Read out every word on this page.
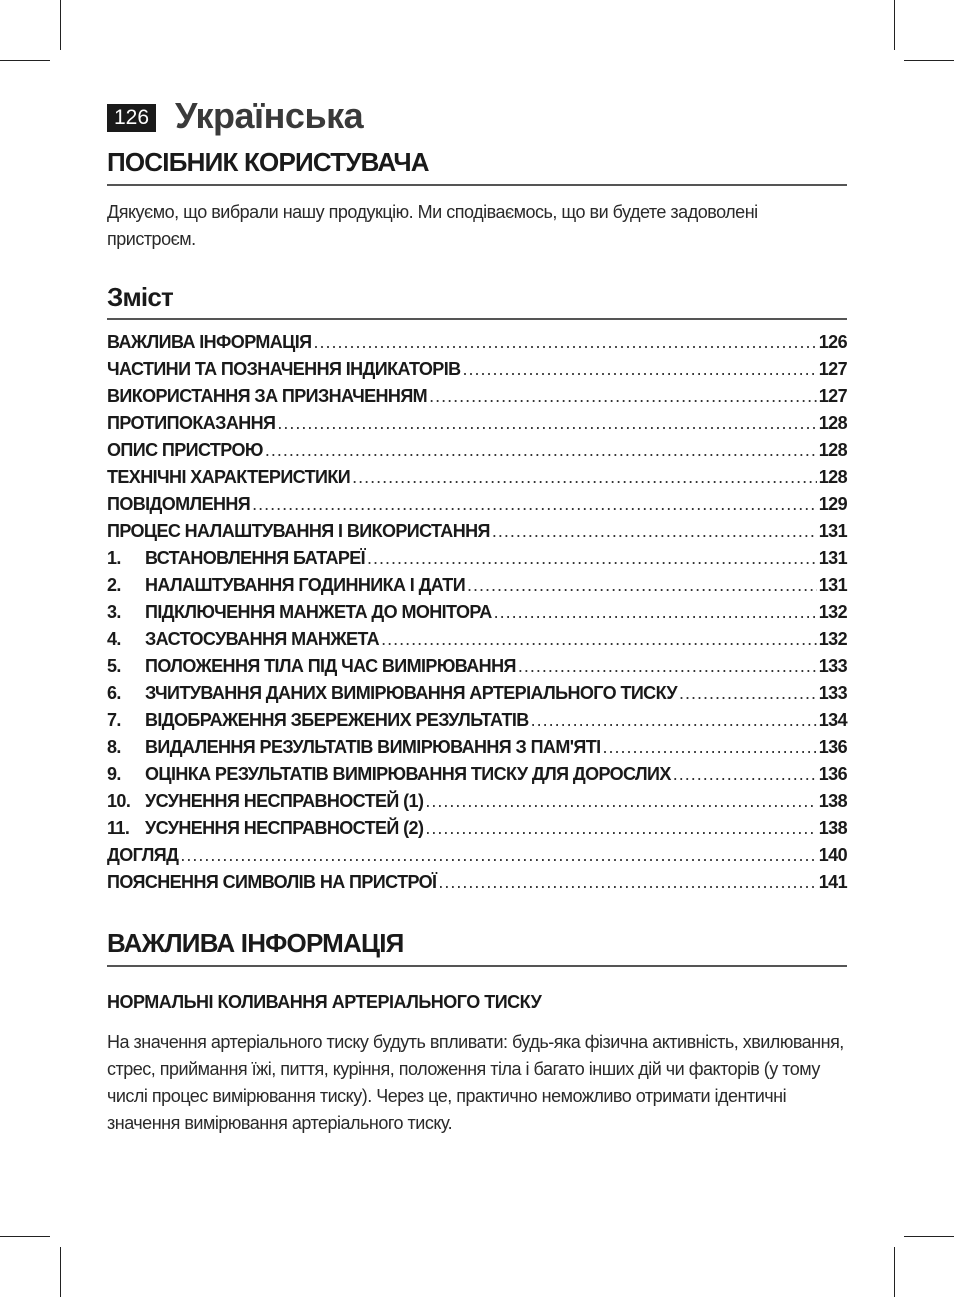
126 Українська
ПОСІБНИК КОРИСТУВАЧА

Дякуємо, що вибрали нашу продукцію. Ми сподіваємось, що ви будете задоволені пристроєм.

Зміст
ВАЖЛИВА ІНФОРМАЦІЯ .....	126
ЧАСТИНИ ТА ПОЗНАЧЕННЯ ІНДИКАТОРІВ .....	127
ВИКОРИСТАННЯ ЗА ПРИЗНАЧЕННЯМ .....	127
ПРОТИПОКАЗАННЯ .....	128
ОПИС ПРИСТРОЮ .....	128
ТЕХНІЧНІ ХАРАКТЕРИСТИКИ .....	128
ПОВІДОМЛЕННЯ .....	129
ПРОЦЕС НАЛАШТУВАННЯ І ВИКОРИСТАННЯ .....	131
1.	ВСТАНОВЛЕННЯ БАТАРЕЇ .....	131
2.	НАЛАШТУВАННЯ ГОДИННИКА І ДАТИ .....	131
3.	ПІДКЛЮЧЕННЯ МАНЖЕТА ДО МОНІТОРА .....	132
4.	ЗАСТОСУВАННЯ МАНЖЕТА .....	132
5.	ПОЛОЖЕННЯ ТІЛА ПІД ЧАС ВИМІРЮВАННЯ .....	133
6.	ЗЧИТУВАННЯ ДАНИХ ВИМІРЮВАННЯ АРТЕРІАЛЬНОГО ТИСКУ .....	133
7.	ВІДОБРАЖЕННЯ ЗБЕРЕЖЕНИХ РЕЗУЛЬТАТІВ .....	134
8.	ВИДАЛЕННЯ РЕЗУЛЬТАТІВ ВИМІРЮВАННЯ З ПАМ'ЯТІ .....	136
9.	ОЦІНКА РЕЗУЛЬТАТІВ ВИМІРЮВАННЯ ТИСКУ ДЛЯ ДОРОСЛИХ .....	136
10. УСУНЕННЯ НЕСПРАВНОСТЕЙ (1) .....	138
11. УСУНЕННЯ НЕСПРАВНОСТЕЙ (2) .....	138
ДОГЛЯД .....	140
ПОЯСНЕННЯ СИМВОЛІВ НА ПРИСТРОЇ .....	141
ВАЖЛИВА ІНФОРМАЦІЯ
НОРМАЛЬНІ КОЛИВАННЯ АРТЕРІАЛЬНОГО ТИСКУ

На значення артеріального тиску будуть впливати: будь-яка фізична активність, хвилювання, стрес, приймання їжі, пиття, куріння, положення тіла і багато інших дій чи факторів (у тому числі процес вимірювання тиску). Через це, практично неможливо отримати ідентичні значення вимірювання артеріального тиску.
